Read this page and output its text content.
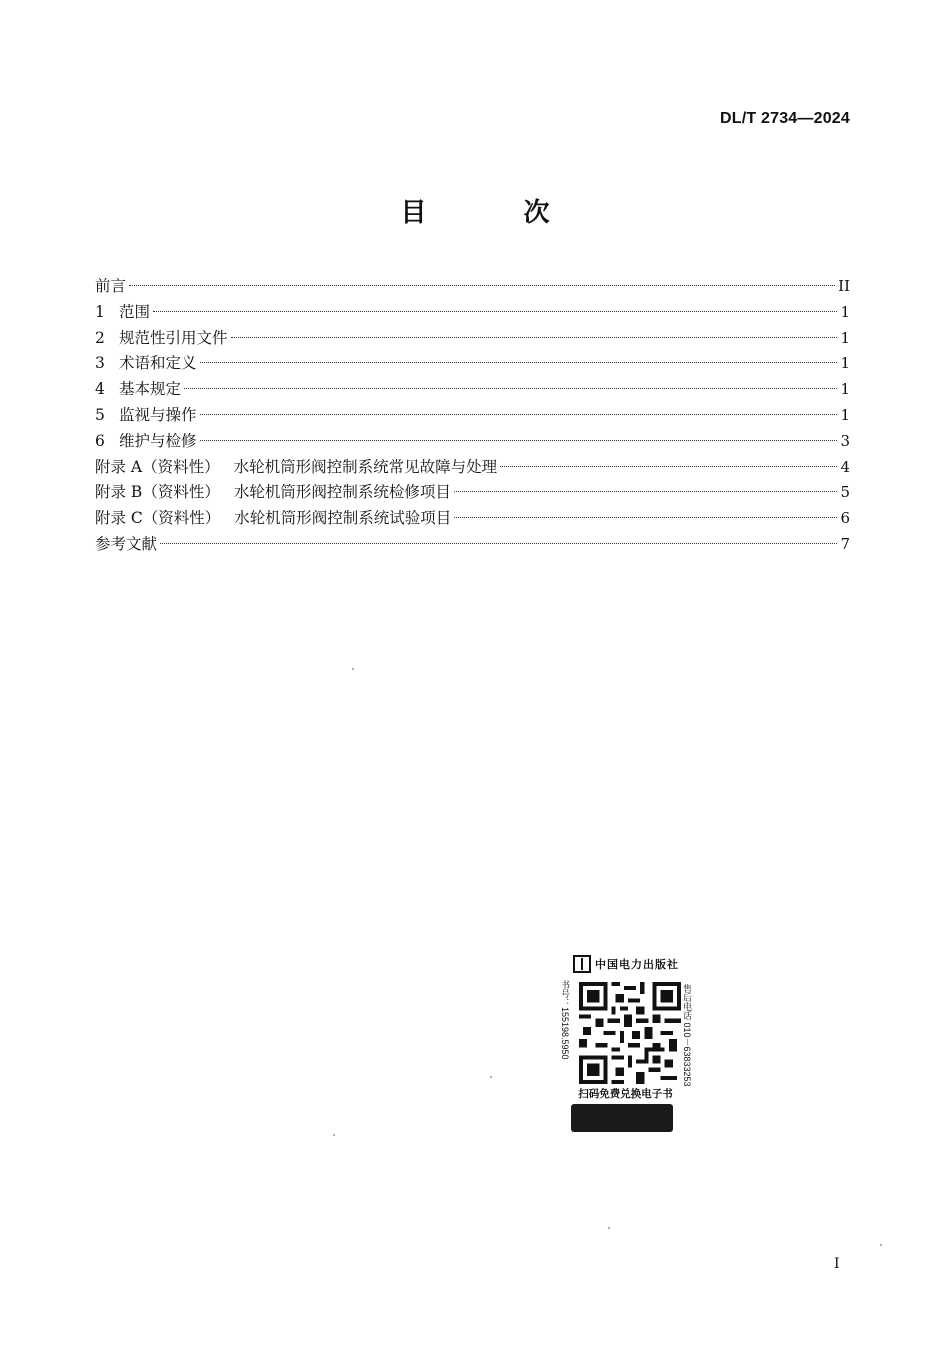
DL/T 2734—2024
目 次
前言	II
1 范围	1
2 规范性引用文件	1
3 术语和定义	1
4 基本规定	1
5 监视与操作	1
6 维护与检修	3
附录 A（资料性） 水轮机筒形阀控制系统常见故障与处理	4
附录 B（资料性） 水轮机筒形阀控制系统检修项目	5
附录 C（资料性） 水轮机筒形阀控制系统试验项目	6
参考文献	7
中国电力出版社
书号：155198.5950	售后电话 010－63833253
扫码免费兑换电子书
I
